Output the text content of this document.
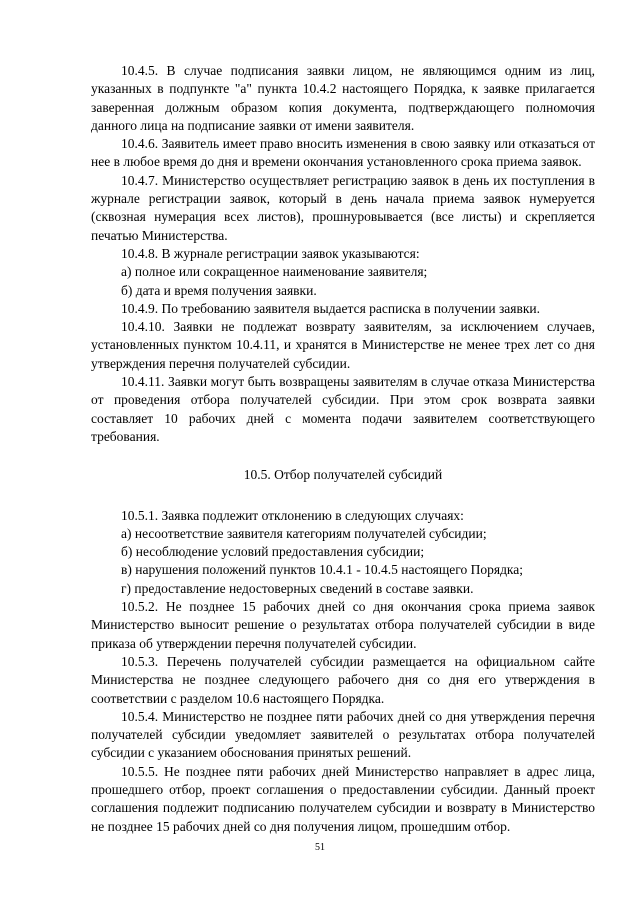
10.4.5. В случае подписания заявки лицом, не являющимся одним из лиц, указанных в подпункте "а" пункта 10.4.2 настоящего Порядка, к заявке прилагается заверенная должным образом копия документа, подтверждающего полномочия данного лица на подписание заявки от имени заявителя.

10.4.6. Заявитель имеет право вносить изменения в свою заявку или отказаться от нее в любое время до дня и времени окончания установленного срока приема заявок.

10.4.7. Министерство осуществляет регистрацию заявок в день их поступления в журнале регистрации заявок, который в день начала приема заявок нумеруется (сквозная нумерация всех листов), прошнуровывается (все листы) и скрепляется печатью Министерства.

10.4.8. В журнале регистрации заявок указываются:

а) полное или сокращенное наименование заявителя;

б) дата и время получения заявки.

10.4.9. По требованию заявителя выдается расписка в получении заявки.

10.4.10. Заявки не подлежат возврату заявителям, за исключением случаев, установленных пунктом 10.4.11, и хранятся в Министерстве не менее трех лет со дня утверждения перечня получателей субсидии.

10.4.11. Заявки могут быть возвращены заявителям в случае отказа Министерства от проведения отбора получателей субсидии. При этом срок возврата заявки составляет 10 рабочих дней с момента подачи заявителем соответствующего требования.

10.5. Отбор получателей субсидий

10.5.1. Заявка подлежит отклонению в следующих случаях:

а) несоответствие заявителя категориям получателей субсидии;

б) несоблюдение условий предоставления субсидии;

в) нарушения положений пунктов 10.4.1 - 10.4.5 настоящего Порядка;

г) предоставление недостоверных сведений в составе заявки.

10.5.2. Не позднее 15 рабочих дней со дня окончания срока приема заявок Министерство выносит решение о результатах отбора получателей субсидии в виде приказа об утверждении перечня получателей субсидии.

10.5.3. Перечень получателей субсидии размещается на официальном сайте Министерства не позднее следующего рабочего дня со дня его утверждения в соответствии с разделом 10.6 настоящего Порядка.

10.5.4. Министерство не позднее пяти рабочих дней со дня утверждения перечня получателей субсидии уведомляет заявителей о результатах отбора получателей субсидии с указанием обоснования принятых решений.

10.5.5. Не позднее пяти рабочих дней Министерство направляет в адрес лица, прошедшего отбор, проект соглашения о предоставлении субсидии. Данный проект соглашения подлежит подписанию получателем субсидии и возврату в Министерство не позднее 15 рабочих дней со дня получения лицом, прошедшим отбор.

51
